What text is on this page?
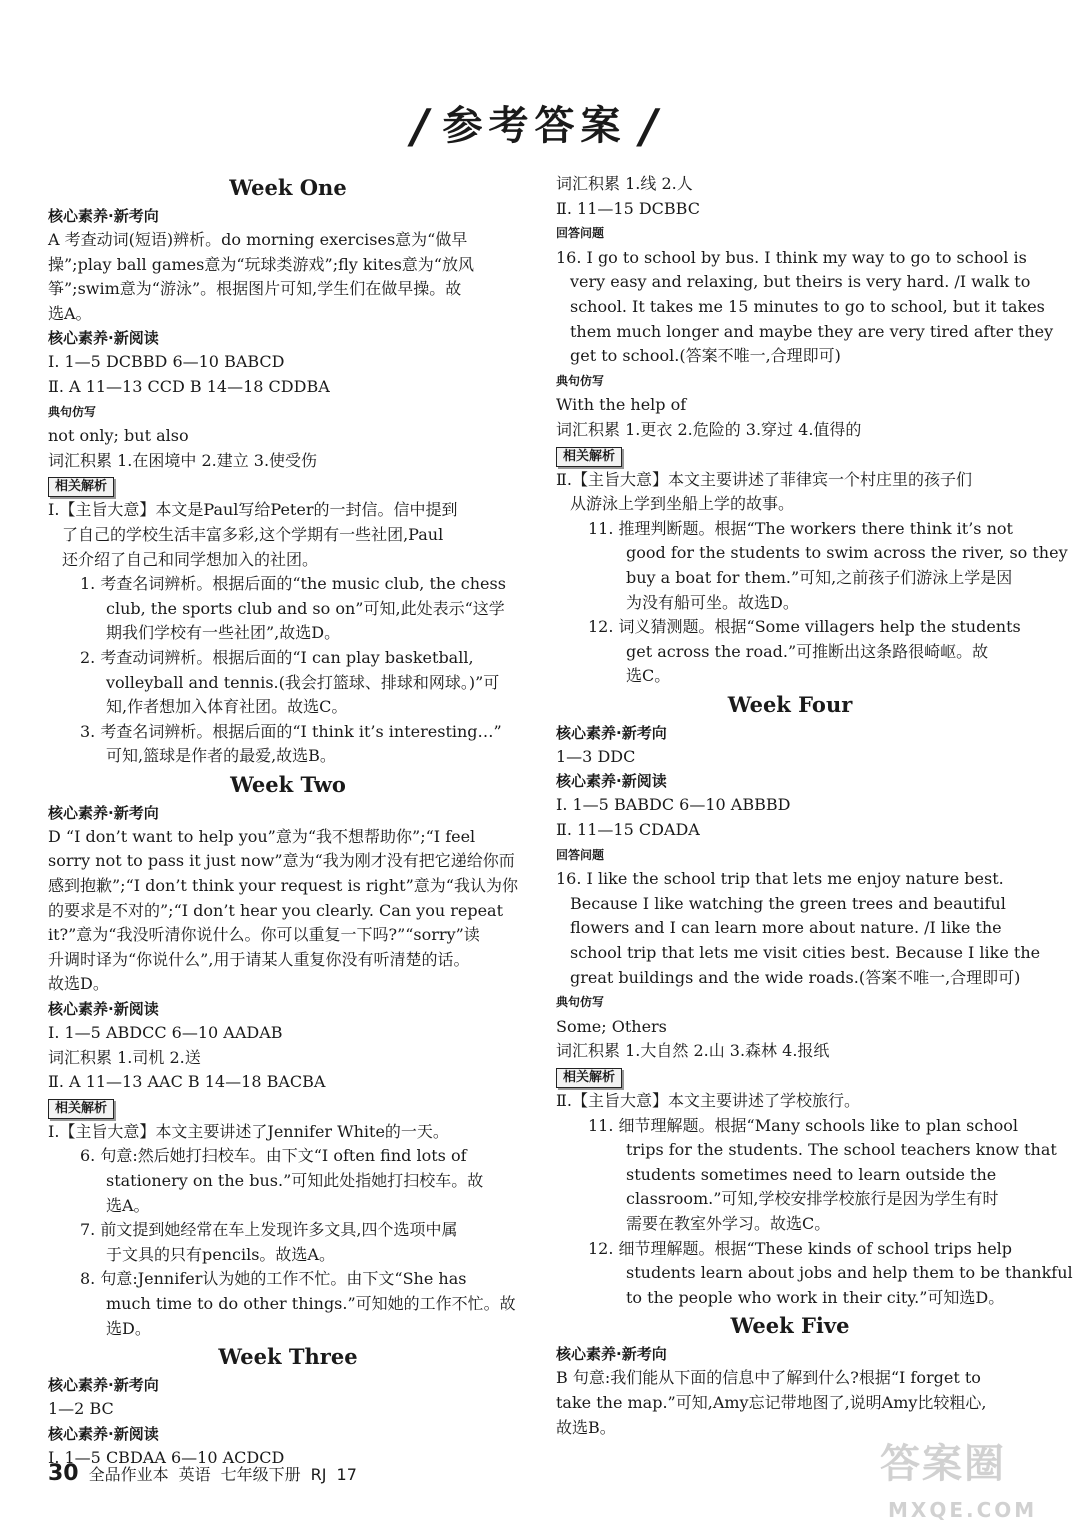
/ 参考答案 /
Week One
核心素养·新考向
A 考查动词(短语)辨析。do morning exercises意为“做早
操”;play ball games意为“玩球类游戏”;fly kites意为“放风
筝”;swim意为“游泳”。根据图片可知,学生们在做早操。故
选A。
核心素养·新阅读
Ⅰ. 1—5 DCBBD 6—10 BABCD
Ⅱ. A 11—13 CCD B 14—18 CDDBA
典句仿写
not only; but also
词汇积累 1.在困境中 2.建立 3.使受伤
相关解析
Ⅰ.【主旨大意】本文是Paul写给Peter的一封信。信中提到
了自己的学校生活丰富多彩,这个学期有一些社团,Paul
还介绍了自己和同学想加入的社团。
1. 考查名词辨析。根据后面的“the music club, the chess
club, the sports club and so on”可知,此处表示“这学
期我们学校有一些社团”,故选D。
2. 考查动词辨析。根据后面的“I can play basketball,
volleyball and tennis.(我会打篮球、排球和网球。)”可
知,作者想加入体育社团。故选C。
3. 考查名词辨析。根据后面的“I think it’s interesting…”
可知,篮球是作者的最爱,故选B。
Week Two
核心素养·新考向
D “I don’t want to help you”意为“我不想帮助你”;“I feel
sorry not to pass it just now”意为“我为刚才没有把它递给你而
感到抱歉”;“I don’t think your request is right”意为“我认为你
的要求是不对的”;“I don’t hear you clearly. Can you repeat
it?”意为“我没听清你说什么。你可以重复一下吗?”“sorry”读
升调时译为“你说什么”,用于请某人重复你没有听清楚的话。
故选D。
核心素养·新阅读
Ⅰ. 1—5 ABDCC 6—10 AADAB
词汇积累 1.司机 2.送
Ⅱ. A 11—13 AAC B 14—18 BACBA
相关解析
Ⅰ.【主旨大意】本文主要讲述了Jennifer White的一天。
6. 句意:然后她打扫校车。由下文“I often find lots of
stationery on the bus.”可知此处指她打扫校车。故
选A。
7. 前文提到她经常在车上发现许多文具,四个选项中属
于文具的只有pencils。故选A。
8. 句意:Jennifer认为她的工作不忙。由下文“She has
much time to do other things.”可知她的工作不忙。故
选D。
Week Three
核心素养·新考向
1—2 BC
核心素养·新阅读
Ⅰ. 1—5 CBDAA 6—10 ACDCD
词汇积累 1.线 2.人
Ⅱ. 11—15 DCBBC
回答问题
16. I go to school by bus. I think my way to go to school is
very easy and relaxing, but theirs is very hard. /I walk to
school. It takes me 15 minutes to go to school, but it takes
them much longer and maybe they are very tired after they
get to school.(答案不唯一,合理即可)
典句仿写
With the help of
词汇积累 1.更衣 2.危险的 3.穿过 4.值得的
相关解析
Ⅱ.【主旨大意】本文主要讲述了菲律宾一个村庄里的孩子们
从游泳上学到坐船上学的故事。
11. 推理判断题。根据“The workers there think it’s not
good for the students to swim across the river, so they
buy a boat for them.”可知,之前孩子们游泳上学是因
为没有船可坐。故选D。
12. 词义猜测题。根据“Some villagers help the students
get across the road.”可推断出这条路很崎岖。故
选C。
Week Four
核心素养·新考向
1—3 DDC
核心素养·新阅读
Ⅰ. 1—5 BABDC 6—10 ABBBD
Ⅱ. 11—15 CDADA
回答问题
16. I like the school trip that lets me enjoy nature best.
Because I like watching the green trees and beautiful
flowers and I can learn more about nature. /I like the
school trip that lets me visit cities best. Because I like the
great buildings and the wide roads.(答案不唯一,合理即可)
典句仿写
Some; Others
词汇积累 1.大自然 2.山 3.森林 4.报纸
相关解析
Ⅱ.【主旨大意】本文主要讲述了学校旅行。
11. 细节理解题。根据“Many schools like to plan school
trips for the students. The school teachers know that
students sometimes need to learn outside the
classroom.”可知,学校安排学校旅行是因为学生有时
需要在教室外学习。故选C。
12. 细节理解题。根据“These kinds of school trips help
students learn about jobs and help them to be thankful
to the people who work in their city.”可知选D。
Week Five
核心素养·新考向
B 句意:我们能从下面的信息中了解到什么?根据“I forget to
take the map.”可知,Amy忘记带地图了,说明Amy比较粗心,
故选B。
30 全品作业本 英语 七年级下册 RJ 17	答案圈
MXQE.COM
